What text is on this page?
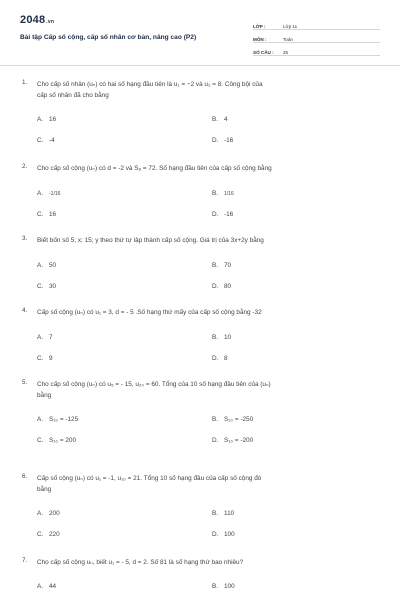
2048.vn
Bài tập Cấp số cộng, cấp số nhân cơ bản, nâng cao (P2)
LỚP :	Lớp 11
MÔN :	Toán
SỐ CÂU :	25
1. Cho cấp số nhân (uₙ) có hai số hạng đầu tiên là u₁ = −2 và u₂ = 8. Công bội của
cấp số nhân đã cho bằng
A. 16	B. 4
C. -4	D. -16
2. Cho cấp số cộng (uₙ) có d = -2 và S₈ = 72. Số hạng đầu tiên của cấp số cộng bằng
A. -1/16	B. 1/16
C. 16	D. -16
3. Biết bốn số 5; x; 15; y theo thứ tự lập thành cấp số cộng. Giá trị của 3x+2y bằng
A. 50	B. 70
C. 30	D. 80
4. Cấp số cộng (uₙ) có u₁ = 3, d = - 5 .Số hạng thứ mấy của cấp số cộng bằng -32
A. 7	B. 10
C. 9	D. 8
5. Cho cấp số cộng (uₙ) có u₅ = - 15, u₂₀ = 60. Tổng của 10 số hạng đầu tiên của (uₙ)
bằng
A. S₁₀ = -125	B. S₁₀ = -250
C. S₁₀ = 200	D. S₁₀ = -200
6. Cấp số cộng (uₙ) có u₁ = -1, u₁₀ = 21. Tổng 10 số hạng đầu của cấp số cộng đó
bằng
A. 200	B. 110
C. 220	D. 100
7. Cho cấp số cộng uₙ, biết u₁ = - 5, d = 2. Số 81 là số hạng thứ bao nhiêu?
A. 44	B. 100
